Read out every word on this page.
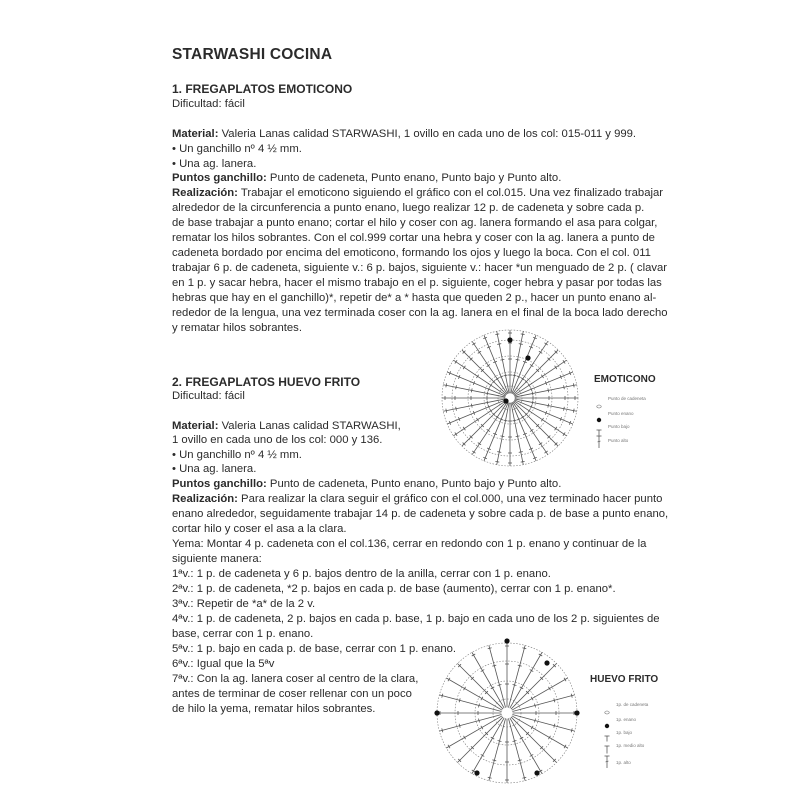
STARWASHI COCINA
1. FREGAPLATOS EMOTICONO
Dificultad: fácil
Material: Valeria Lanas calidad STARWASHI, 1 ovillo en cada uno de los col: 015-011 y 999.
• Un ganchillo nº 4 ½ mm.
• Una ag. lanera.
Puntos ganchillo: Punto de cadeneta, Punto enano, Punto bajo y Punto alto.
Realización: Trabajar el emoticono siguiendo el gráfico con el col.015. Una vez finalizado trabajar
alrededor de la circunferencia a punto enano, luego realizar 12 p. de cadeneta y sobre cada p.
de base trabajar a punto enano; cortar el hilo y coser con ag. lanera formando el asa para colgar,
rematar los hilos sobrantes. Con el col.999 cortar una hebra y coser con la ag. lanera a punto de
cadeneta bordado por encima del emoticono, formando los ojos y luego la boca. Con el col. 011
trabajar 6 p. de cadeneta, siguiente v.: 6 p. bajos, siguiente v.: hacer *un menguado de 2 p. ( clavar
en 1 p. y sacar hebra, hacer el mismo trabajo en el p. siguiente, coger hebra y pasar por todas las
hebras que hay en el ganchillo)*, repetir de* a * hasta que queden 2 p., hacer un punto enano al-
rededor de la lengua, una vez terminada coser con la ag. lanera en el final de la boca lado derecho
y rematar hilos sobrantes.
EMOTICONO
Punto de cadeneta
Punto enano
Punto bajo
Punto alto
2. FREGAPLATOS HUEVO FRITO
Dificultad: fácil
Material: Valeria Lanas calidad STARWASHI,
1 ovillo en cada uno de los col: 000 y 136.
• Un ganchillo nº 4 ½ mm.
• Una ag. lanera.
Puntos ganchillo: Punto de cadeneta, Punto enano, Punto bajo y Punto alto.
Realización: Para realizar la clara seguir el gráfico con el col.000, una vez terminado hacer punto
enano alrededor, seguidamente trabajar 14 p. de cadeneta y sobre cada p. de base a punto enano,
cortar hilo y coser el asa a la clara.
Yema: Montar 4 p. cadeneta con el col.136, cerrar en redondo con 1 p. enano y continuar de la
siguiente manera:
1ªv.: 1 p. de cadeneta y 6 p. bajos dentro de la anilla, cerrar con 1 p. enano.
2ªv.: 1 p. de cadeneta, *2 p. bajos en cada p. de base (aumento), cerrar con 1 p. enano*.
3ªv.: Repetir de *a* de la 2 v.
4ªv.: 1 p. de cadeneta, 2 p. bajos en cada p. base, 1 p. bajo en cada uno de los 2 p. siguientes de
base, cerrar con 1 p. enano.
5ªv.: 1 p. bajo en cada p. de base, cerrar con 1 p. enano.
6ªv.: Igual que la 5ªv
7ªv.: Con la ag. lanera coser al centro de la clara,
antes de terminar de coser rellenar con un poco
de hilo la yema, rematar hilos sobrantes.
HUEVO FRITO
1p. de cadeneta
1p. enano
1p. bajo
1p. medio alto
1p. alto
